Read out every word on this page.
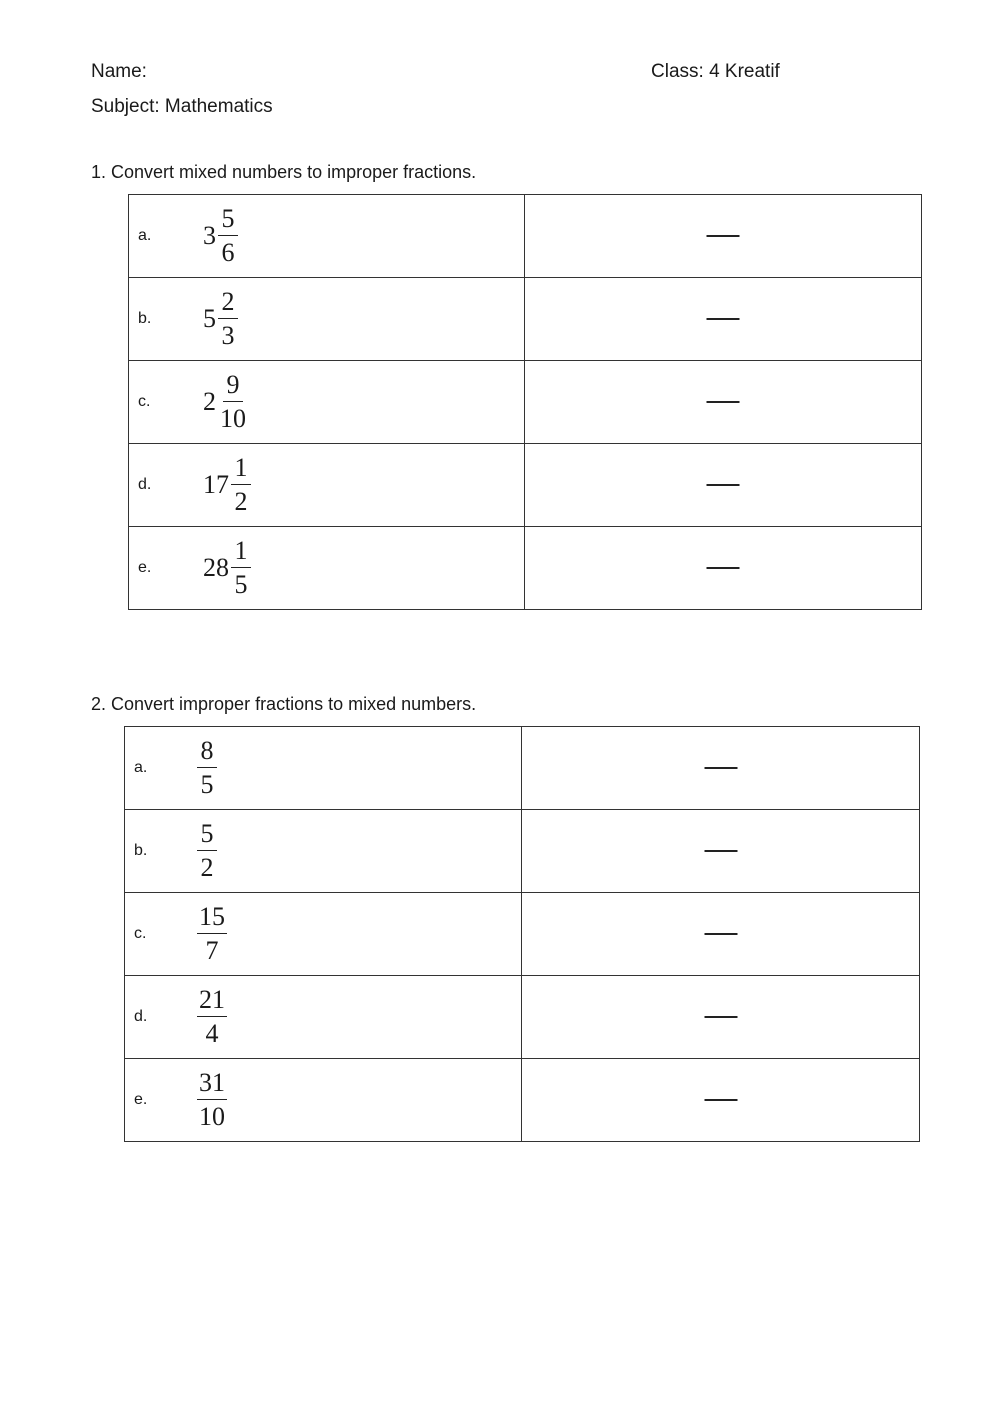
Name:	Class: 4 Kreatif
Subject: Mathematics
1. Convert mixed numbers to improper fractions.
a. $3 \frac{5}{6}$

b. $5 \frac{2}{3}$

c. $2 \frac{9}{10}$

d. $17 \frac{1}{2}$

e. $28 \frac{1}{5}$

2. Convert improper fractions to mixed numbers.
a. $\frac{8}{5}$

b. $\frac{5}{2}$

c. $\frac{15}{7}$

d. $\frac{21}{4}$

e. $\frac{31}{10}$
